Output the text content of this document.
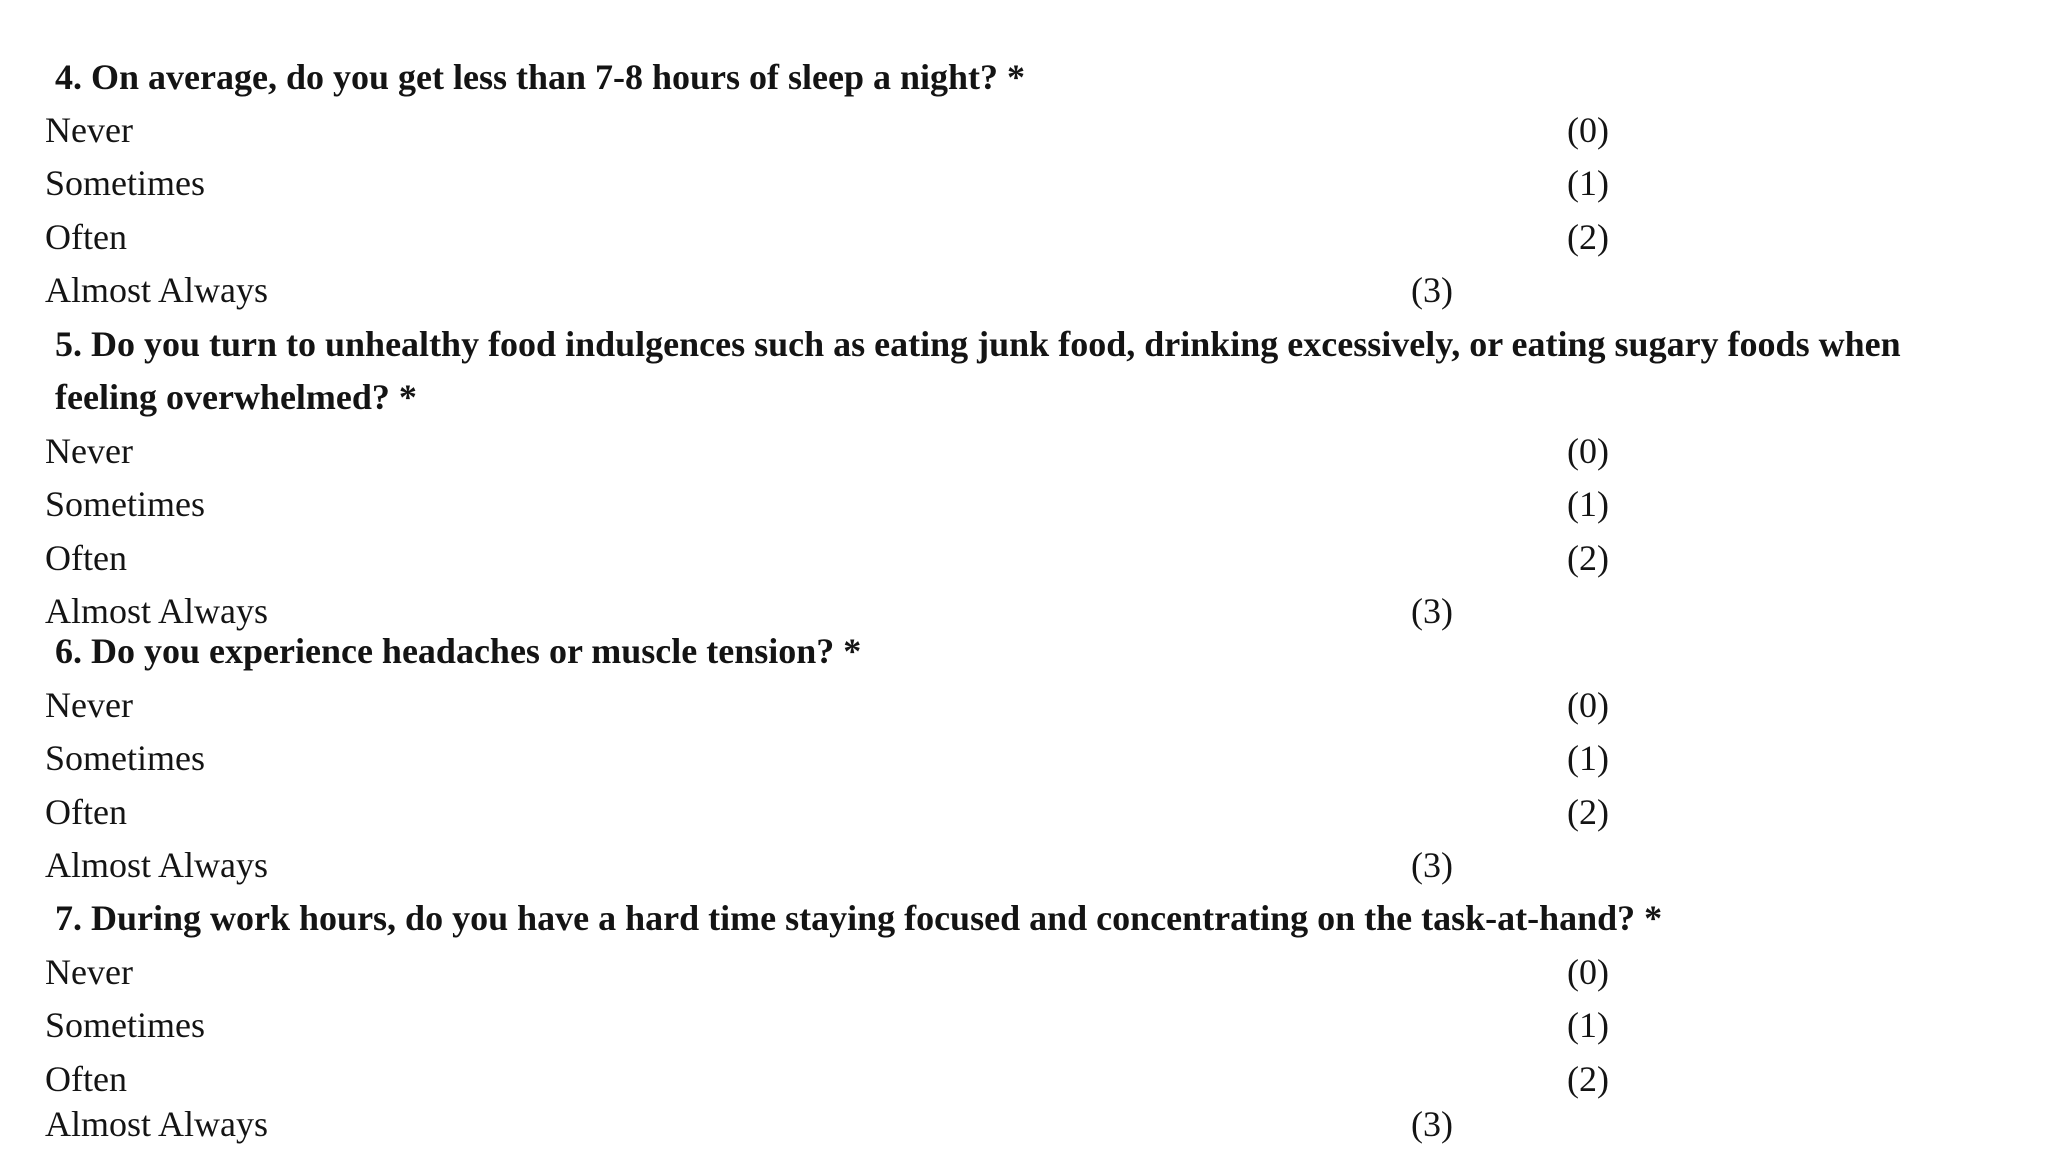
4. On average, do you get less than 7-8 hours of sleep a night? *
Never	(0)
Sometimes	(1)
Often	(2)
Almost Always	(3)
5. Do you turn to unhealthy food indulgences such as eating junk food, drinking excessively, or eating sugary foods when feeling overwhelmed? *
Never	(0)
Sometimes	(1)
Often	(2)
Almost Always	(3)
6. Do you experience headaches or muscle tension? *
Never	(0)
Sometimes	(1)
Often	(2)
Almost Always	(3)
7. During work hours, do you have a hard time staying focused and concentrating on the task-at-hand? *
Never	(0)
Sometimes	(1)
Often	(2)
Almost Always	(3)
